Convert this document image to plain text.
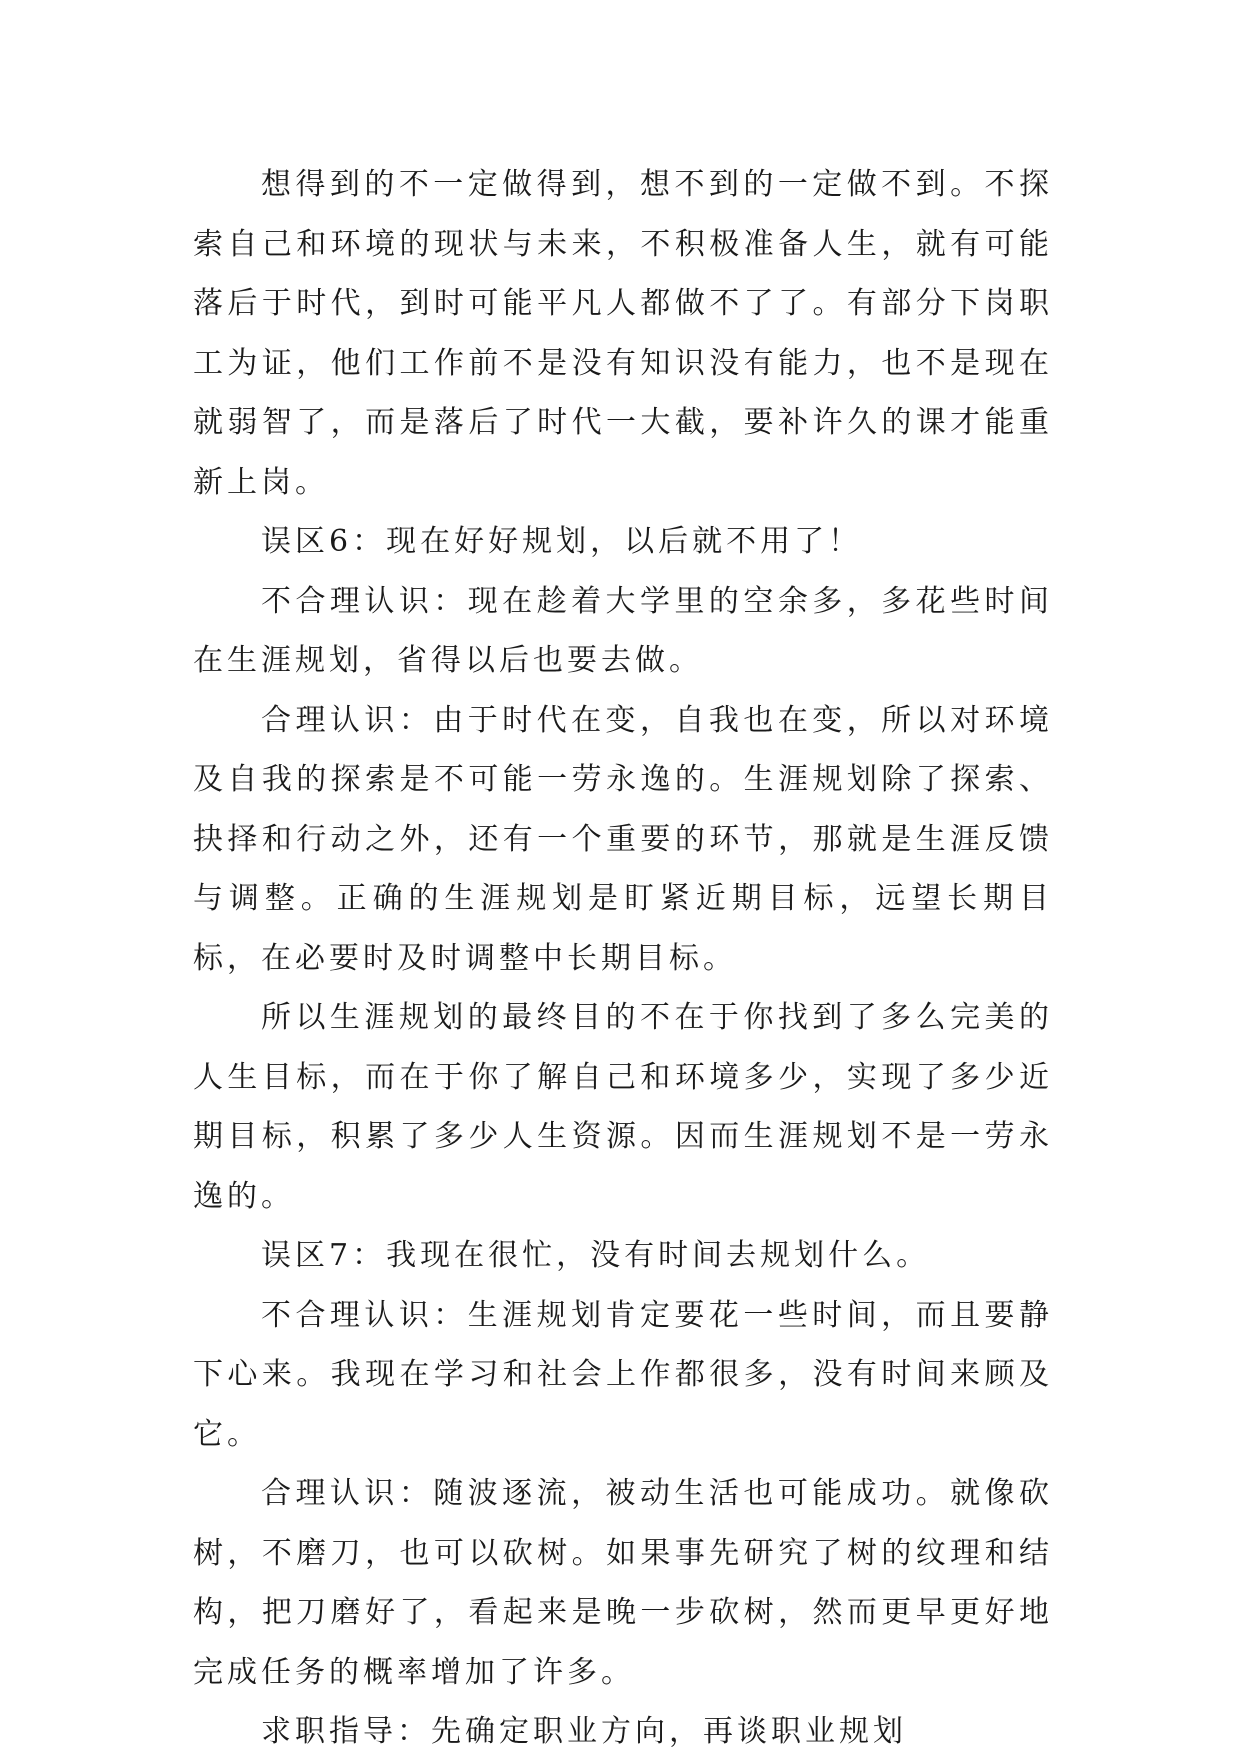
想得到的不一定做得到，想不到的一定做不到。不探索自己和环境的现状与未来，不积极准备人生，就有可能落后于时代，到时可能平凡人都做不了了。有部分下岗职工为证，他们工作前不是没有知识没有能力，也不是现在就弱智了，而是落后了时代一大截，要补许久的课才能重新上岗。

误区6：现在好好规划，以后就不用了！

不合理认识：现在趁着大学里的空余多，多花些时间在生涯规划，省得以后也要去做。

合理认识：由于时代在变，自我也在变，所以对环境及自我的探索是不可能一劳永逸的。生涯规划除了探索、抉择和行动之外，还有一个重要的环节，那就是生涯反馈与调整。正确的生涯规划是盯紧近期目标，远望长期目标，在必要时及时调整中长期目标。

所以生涯规划的最终目的不在于你找到了多么完美的人生目标，而在于你了解自己和环境多少，实现了多少近期目标，积累了多少人生资源。因而生涯规划不是一劳永逸的。

误区7：我现在很忙，没有时间去规划什么。

不合理认识：生涯规划肯定要花一些时间，而且要静下心来。我现在学习和社会上作都很多，没有时间来顾及它。

合理认识：随波逐流，被动生活也可能成功。就像砍树，不磨刀，也可以砍树。如果事先研究了树的纹理和结构，把刀磨好了，看起来是晚一步砍树，然而更早更好地完成任务的概率增加了许多。

求职指导：先确定职业方向，再谈职业规划
